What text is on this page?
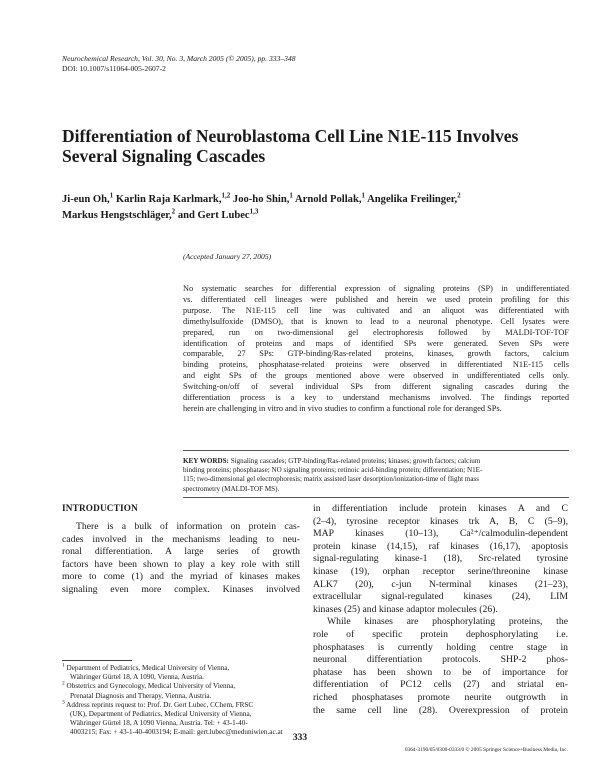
Neurochemical Research, Vol. 30, No. 3, March 2005 (© 2005), pp. 333–348
DOI: 10.1007/s11064-005-2607-2
Differentiation of Neuroblastoma Cell Line N1E-115 Involves
Several Signaling Cascades
Ji-eun Oh,$^1$ Karlin Raja Karlmark,$^{1,2}$ Joo-ho Shin,$^1$ Arnold Pollak,$^1$ Angelika Freilinger,$^2$
Markus Hengstschläger,$^2$ and Gert Lubec$^{1,3}$
(Accepted January 27, 2005)
No systematic searches for differential expression of signaling proteins (SP) in undifferentiated
vs. differentiated cell lineages were published and herein we used protein profiling for this
purpose. The N1E-115 cell line was cultivated and an aliquot was differentiated with
dimethylsulfoxide (DMSO), that is known to lead to a neuronal phenotype. Cell lysates were
prepared, run on two-dimensional gel electrophoresis followed by MALDI-TOF-TOF
identification of proteins and maps of identified SPs were generated. Seven SPs were
comparable, 27 SPs: GTP-binding/Ras-related proteins, kinases, growth factors, calcium
binding proteins, phosphatase-related proteins were observed in differentiated N1E-115 cells
and eight SPs of the groups mentioned above were observed in undifferentiated cells only.
Switching-on/off of several individual SPs from different signaling cascades during the
differentiation process is a key to understand mechanisms involved. The findings reported
herein are challenging in vitro and in vivo studies to confirm a functional role for deranged SPs.
KEY WORDS: Signaling cascades; GTP-binding/Ras-related proteins; kinases; growth factors; calcium
binding proteins; phosphatase; NO signaling proteins; retinoic acid-binding protein; differentiation; N1E-
115; two-dimensional gel electrophoresis; matrix assisted laser desorption/ionization-time of flight mass
spectrometry (MALDI-TOF MS).
INTRODUCTION
There is a bulk of information on protein cas-
cades involved in the mechanisms leading to neu-
ronal differentiation. A large series of growth
factors have been shown to play a key role with still
more to come (1) and the myriad of kinases makes
signaling even more complex. Kinases involved
in differentiation include protein kinases A and C
(2–4), tyrosine receptor kinases trk A, B, C (5–9),
MAP kinases (10–13), Ca²⁺/calmodulin-dependent
protein kinase (14,15), raf kinases (16,17), apoptosis
signal-regulating kinase-1 (18), Src-related tyrosine
kinase (19), orphan receptor serine/threonine kinase
ALK7 (20), c-jun N-terminal kinases (21–23),
extracellular signal-regulated kinases (24), LIM
kinases (25) and kinase adaptor molecules (26).
While kinases are phosphorylating proteins, the
role of specific protein dephosphorylating i.e.
phosphatases is currently holding centre stage in
neuronal differentiation protocols. SHP-2 phos-
phatase has been shown to be of importance for
differentiation of PC12 cells (27) and striatal en-
riched phosphatases promote neurite outgrowth in
the same cell line (28). Overexpression of protein
$^1$ Department of Pediatrics, Medical University of Vienna,
Währinger Gürtel 18, A 1090, Vienna, Austria.
$^2$ Obstetrics and Gynecology, Medical University of Vienna,
Prenatal Diagnosis and Therapy, Vienna, Austria.
$^3$ Address reprints request to: Prof. Dr. Gert Lubec, CChem, FRSC
(UK), Department of Pediatrics, Medical University of Vienna,
Währinger Gürtel 18, A 1090 Vienna, Austria. Tel: + 43-1-40-
4003215; Fax: + 43-1-40-4003194; E-mail: gert.lubec@meduniwien.ac.at
333
0364-3190/05/0300-0333/0 © 2005 Springer Science+Business Media, Inc.
